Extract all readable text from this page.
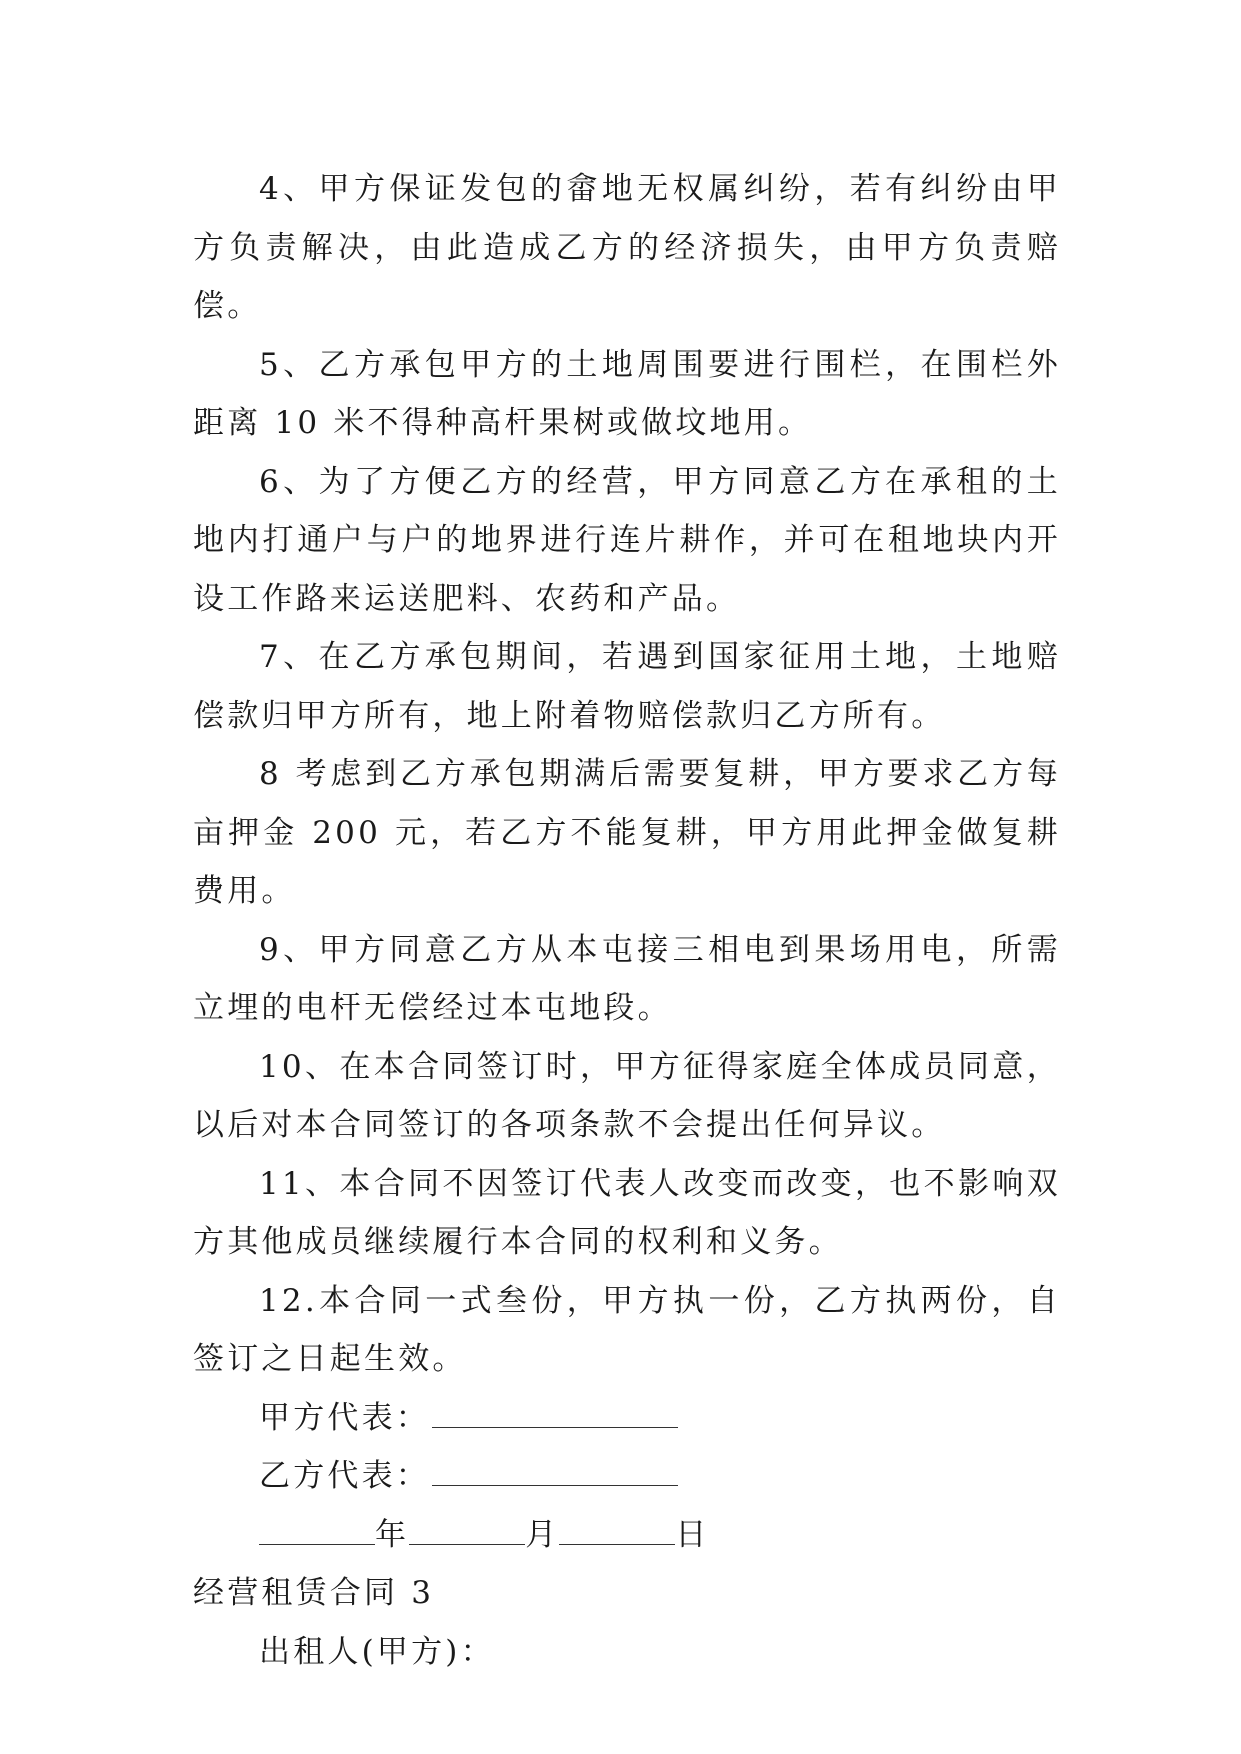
4、甲方保证发包的畲地无权属纠纷，若有纠纷由甲方负责解决，由此造成乙方的经济损失，由甲方负责赔偿。

5、乙方承包甲方的土地周围要进行围栏，在围栏外距离 10 米不得种高杆果树或做坟地用。

6、为了方便乙方的经营，甲方同意乙方在承租的土地内打通户与户的地界进行连片耕作，并可在租地块内开设工作路来运送肥料、农药和产品。

7、在乙方承包期间，若遇到国家征用土地，土地赔偿款归甲方所有，地上附着物赔偿款归乙方所有。

8 考虑到乙方承包期满后需要复耕，甲方要求乙方每亩押金 200 元，若乙方不能复耕，甲方用此押金做复耕费用。

9、甲方同意乙方从本屯接三相电到果场用电，所需立埋的电杆无偿经过本屯地段。

10、在本合同签订时，甲方征得家庭全体成员同意，以后对本合同签订的各项条款不会提出任何异议。

11、本合同不因签订代表人改变而改变，也不影响双方其他成员继续履行本合同的权利和义务。

12.本合同一式叁份，甲方执一份，乙方执两份，自签订之日起生效。

甲方代表：

乙方代表：

年	月	日

经营租赁合同 3

出租人(甲方)：
